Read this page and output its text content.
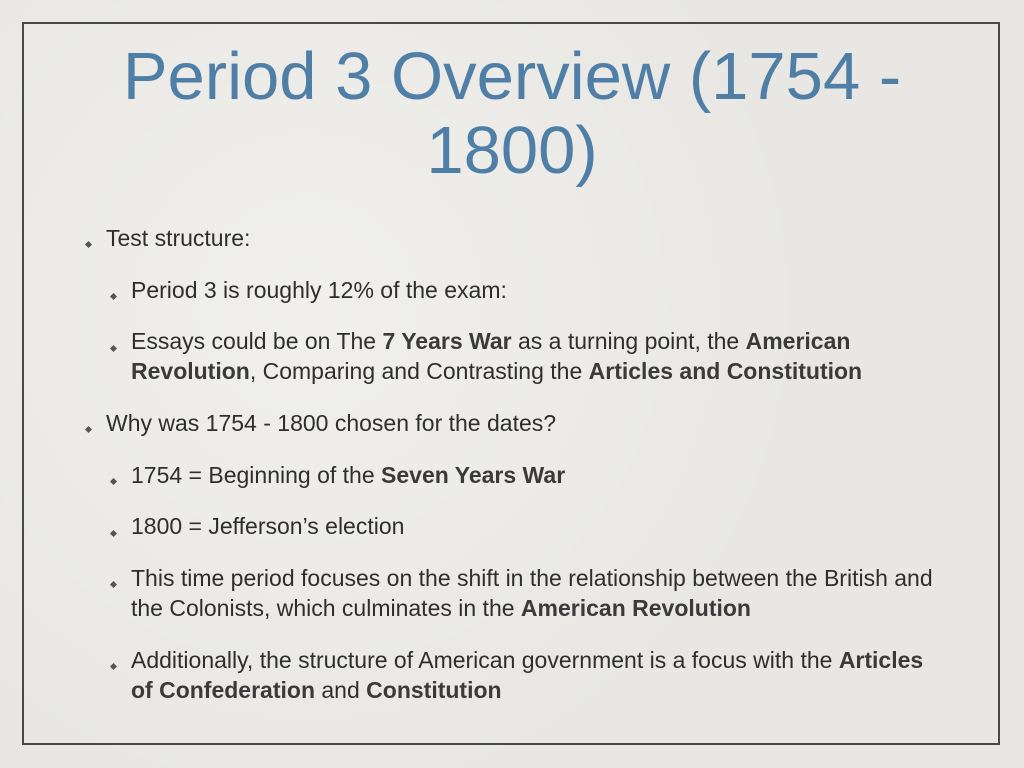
Period 3 Overview (1754 - 1800)
Test structure:
Period 3 is roughly 12% of the exam:
Essays could be on The 7 Years War as a turning point, the American Revolution, Comparing and Contrasting the Articles and Constitution
Why was 1754 - 1800 chosen for the dates?
1754 = Beginning of the Seven Years War
1800 = Jefferson’s election
This time period focuses on the shift in the relationship between the British and the Colonists, which culminates in the American Revolution
Additionally, the structure of American government is a focus with the Articles of Confederation and Constitution
